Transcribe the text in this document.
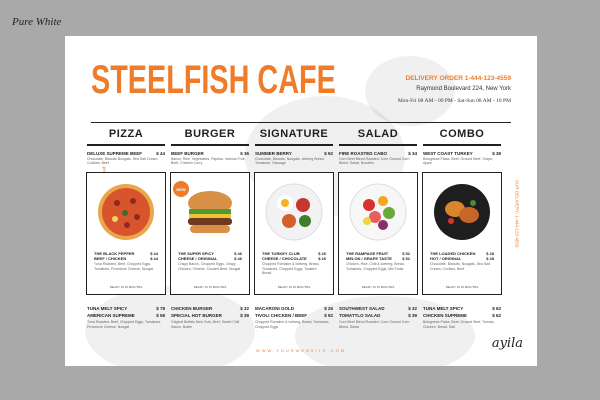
Pure White
STEELFISH CAFE	DELIVERY ORDER 1-444-123-4559
Raymond Boulevard 224, New York
Mon-Fri 08 AM - 09 PM - Sat-Sun 08 AM - 10 PM
OUR DELIVERY: 1-444-123-4559
PIZZA
DELUXE SUPREME BEEF	$ 44
Chocolate, Biscuits Nougats, Sea Salt Cream, Cookies, Beef
BURGER
BEEF BURGER	$ 36
Bacon, Rice, Vegetables, Paprika, Various Fruit, Beef, Chicken Curry
SIGNATURE
SUMMER BERRY	$ 92
Chocolate, Biscuits, Nougats, Iceberg Bread, Tomatoes, Sausage
SALAD
FIRE ROASTED CABO	$ 34
Corn Beef Blend Roasted, Corn Ground Corn Blend, Salad, Noodles
COMBO
WEST COAST TURKEY	$ 36
Bolognese Pasta, Beef, Ground Beef, Grape, Apple
THE BLACK PEPPER	$ 44
BEEF / CHICKEN	$ 44
Tuna Roasted, Beef, Chopped Eggs, Tomatoes, Provolone Cheese, Nougat
READY IN 15 MINUTES
NEW
THE SUPER SPICY	$ 46
CHEESE / ORIGINAL	$ 46
Crispy Bacon, Chopped Eggs, Crispy Chicken, Cheese, Crusted Beef, Nougat
READY IN 15 MINUTES
THE TURKEY CLUB	$ 26
CHEESE / CHOCOLATE	$ 26
Chopped Romaine & Iceberg, Bread, Tomatoes, Chopped Eggs, Toasted Bread
READY IN 15 MINUTES
THE RAMPAGE FRUIT	$ 52
MELON / GRAPE TASTE	$ 52
Chicken, Rice, Chili & Iceberg, Bread, Tomatoes, Chopped Eggs, Mix Fruits
READY IN 15 MINUTES
THE LOADED CHICKEN	$ 28
HOT / ORIGINAL	$ 28
Chocolate, Biscuits, Nougats, Sea Salt Cream, Cookies, Beef
READY IN 15 MINUTES
TUNA MELT SPICY	$ 78
AMERICAN SUPREME	$ 58
Tuna Roasted, Beef, Chopped Eggs, Tomatoes, Provolone Cheese, Nougat
CHICKEN BURGER	$ 32
SPECIAL HOT BURGER	$ 39
Original Buffalo New York, Beef, Sweet Chili Sauce, Butter
MACARONI GOLD	$ 26
TIVOLI CHICKEN / BEEF	$ 92
Chopped Romaine & Iceberg, Bread, Tomatoes, Chopped Eggs
SOUTHWEST SALAD	$ 32
TOMATTLO SALAD	$ 39
Corn Beef Blend Roasted, Corn Ground Corn Blend, Salad
TUNA MELT SPICY	$ 62
CHICKEN SUPREME	$ 62
Bolognese Pasta, Beef, Ground Beef, Tomato, Chicken, Bread, Salt
WWW.YOURWEBSITE.COM	ayila
